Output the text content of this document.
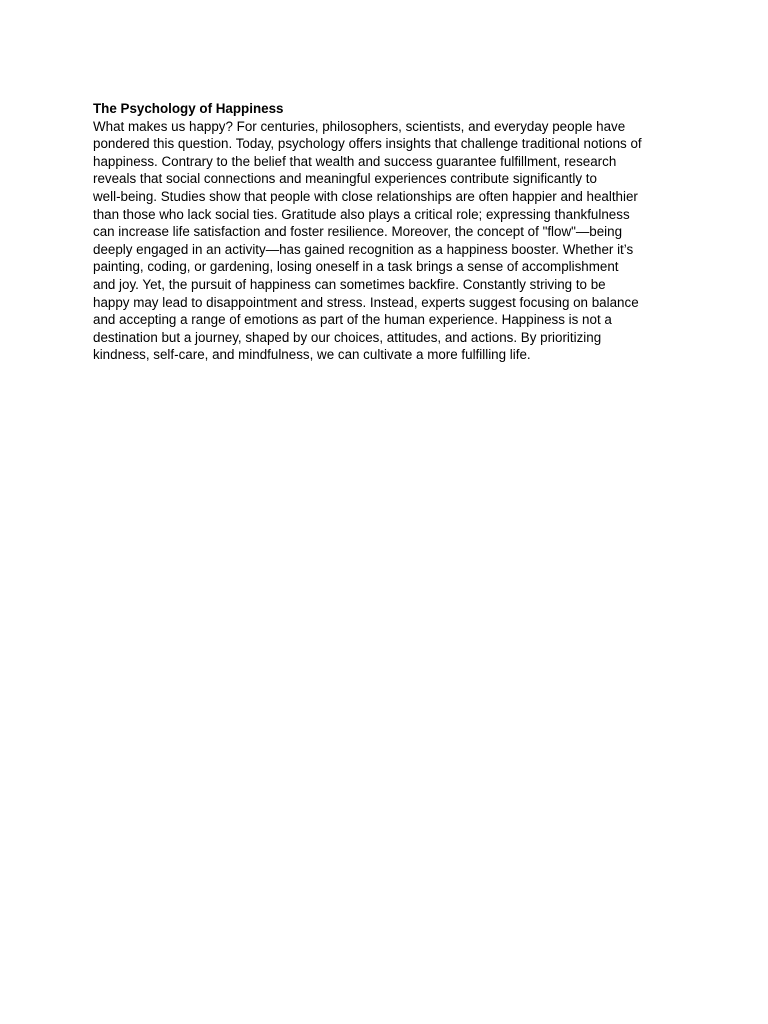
The Psychology of Happiness

What makes us happy? For centuries, philosophers, scientists, and everyday people have
pondered this question. Today, psychology offers insights that challenge traditional notions of
happiness. Contrary to the belief that wealth and success guarantee fulfillment, research
reveals that social connections and meaningful experiences contribute significantly to
well-being. Studies show that people with close relationships are often happier and healthier
than those who lack social ties. Gratitude also plays a critical role; expressing thankfulness
can increase life satisfaction and foster resilience. Moreover, the concept of "flow"—being
deeply engaged in an activity—has gained recognition as a happiness booster. Whether it’s
painting, coding, or gardening, losing oneself in a task brings a sense of accomplishment
and joy. Yet, the pursuit of happiness can sometimes backfire. Constantly striving to be
happy may lead to disappointment and stress. Instead, experts suggest focusing on balance
and accepting a range of emotions as part of the human experience. Happiness is not a
destination but a journey, shaped by our choices, attitudes, and actions. By prioritizing
kindness, self-care, and mindfulness, we can cultivate a more fulfilling life.
